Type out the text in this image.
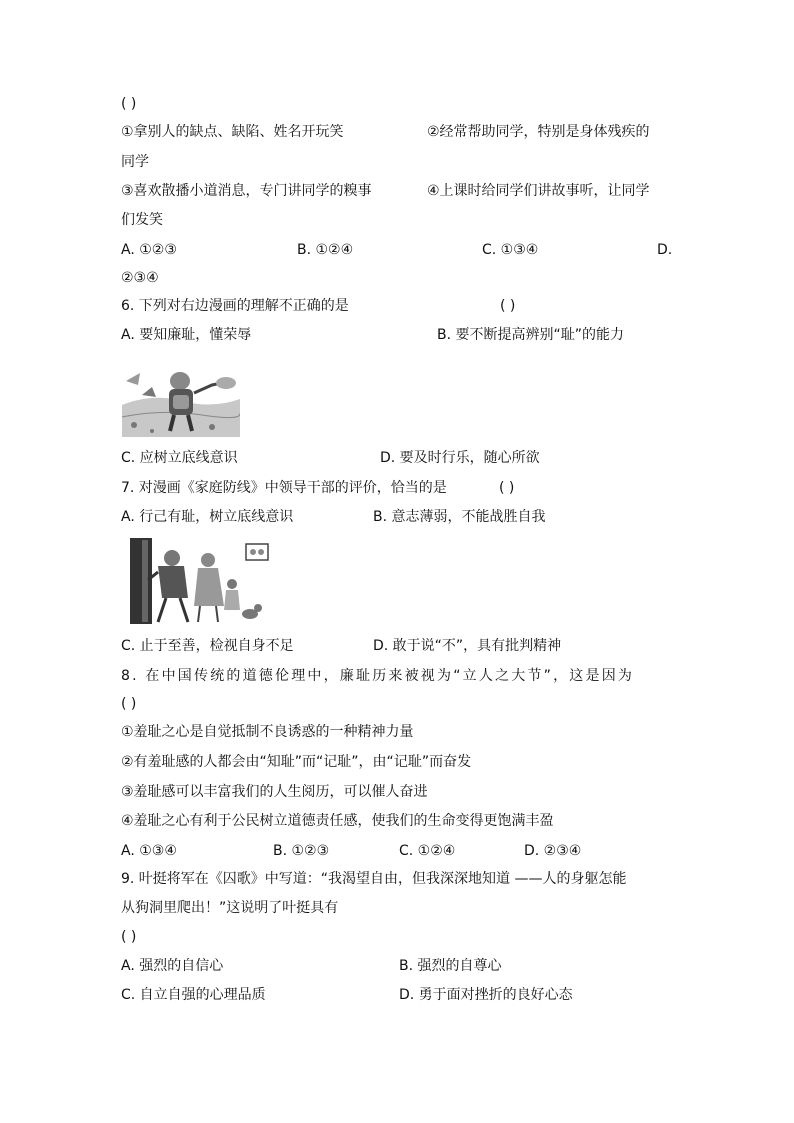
( )
①拿别人的缺点、缺陷、姓名开玩笑	②经常帮助同学，特别是身体残疾的
同学
③喜欢散播小道消息，专门讲同学的糗事	④上课时给同学们讲故事听，让同学
们发笑
A. ①②③	B. ①②④	C. ①③④	D.
②③④
6. 下列对右边漫画的理解不正确的是	( )
A. 要知廉耻，懂荣辱	B. 要不断提高辨别“耻”的能力
C. 应树立底线意识	D. 要及时行乐，随心所欲
7. 对漫画《家庭防线》中领导干部的评价，恰当的是	( )
A. 行己有耻，树立底线意识	B. 意志薄弱，不能战胜自我
C. 止于至善，检视自身不足	D. 敢于说“不”，具有批判精神
8. 在中国传统的道德伦理中，廉耻历来被视为“立人之大节”，这是因为
( )
①羞耻之心是自觉抵制不良诱惑的一种精神力量
②有羞耻感的人都会由“知耻”而“记耻”，由“记耻”而奋发
③羞耻感可以丰富我们的人生阅历，可以催人奋进
④羞耻之心有利于公民树立道德责任感，使我们的生命变得更饱满丰盈
A. ①③④	B. ①②③	C. ①②④	D. ②③④
9. 叶挺将军在《囚歌》中写道：“我渴望自由，但我深深地知道 ——人的身躯怎能
从狗洞里爬出！”这说明了叶挺具有
( )
A. 强烈的自信心	B. 强烈的自尊心
C. 自立自强的心理品质	D. 勇于面对挫折的良好心态
